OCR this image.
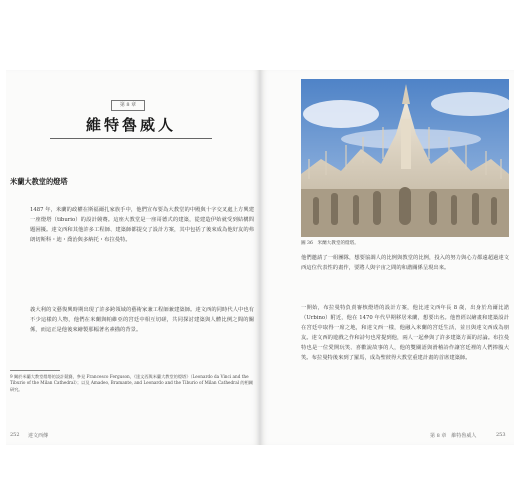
第 8 章
維特魯威人
米蘭大教堂的燈塔

1487 年，米蘭的政權在斯福爾扎家族手中，他們宣布要為大教堂的中殿與十字交叉處上方興建一座燈塔（tiburio）的設計競賽。這座大教堂是一座哥德式的建築，從建造伊始就受到結構問題困擾。達文西和其他許多工程師、建築師都提交了設計方案，其中包括了後來成為他好友的弗朗切斯科・迪・喬治與多納托・布拉曼特。

義大利的文藝復興時期出現了許多跨領域的藝術家兼工程師兼建築師。達文西的同時代人中也有不少這樣的人物，他們在米蘭與帕維亞的宮廷中相互切磋，共同探討建築與人體比例之間的關係，而這正是他後來繪製那幅著名素描的背景。

9 關於米蘭大教堂燈塔的設計競賽，參見 Francesco Ferguson，《達文西與米蘭大教堂的燈塔》（Leonardo da Vinci and the Tiburio of the Milan Cathedral）；以及 Amadeo, Bramante, and Leonardo and the Tiburio of Milan Cathedral 的相關研究。

252 達文西傳
圖 36　米蘭大教堂的燈塔。

他們邀請了一組團隊，想要協調人的比例與教堂的比例，投入的努力與心力都遠超過達文西這位代表性的畫作，要將人與宇宙之間的和諧關係呈現出來。

一開始，布拉曼特負責審核燈塔的設計方案，他比達文西年長 8 歲，出身於烏爾比諾（Urbino）附近，他在 1470 年代早期移居米蘭，想要出名。他曾經以繪畫和建築設計在宮廷中取得一席之地，和達文西一樣，他融入米蘭的宮廷生活，並且與達文西成為朋友。達文西的遊戲之作和詩句也常提到他，兩人一起參與了許多建築方面的討論。布拉曼特也是一位愛開玩笑、喜歡說故事的人，他的雙關語與滑稽詩作讓宮廷裡的人們捧腹大笑。布拉曼特後來到了羅馬，成為聖彼得大教堂重建計畫的首席建築師。

第 8 章　維特魯威人	253
